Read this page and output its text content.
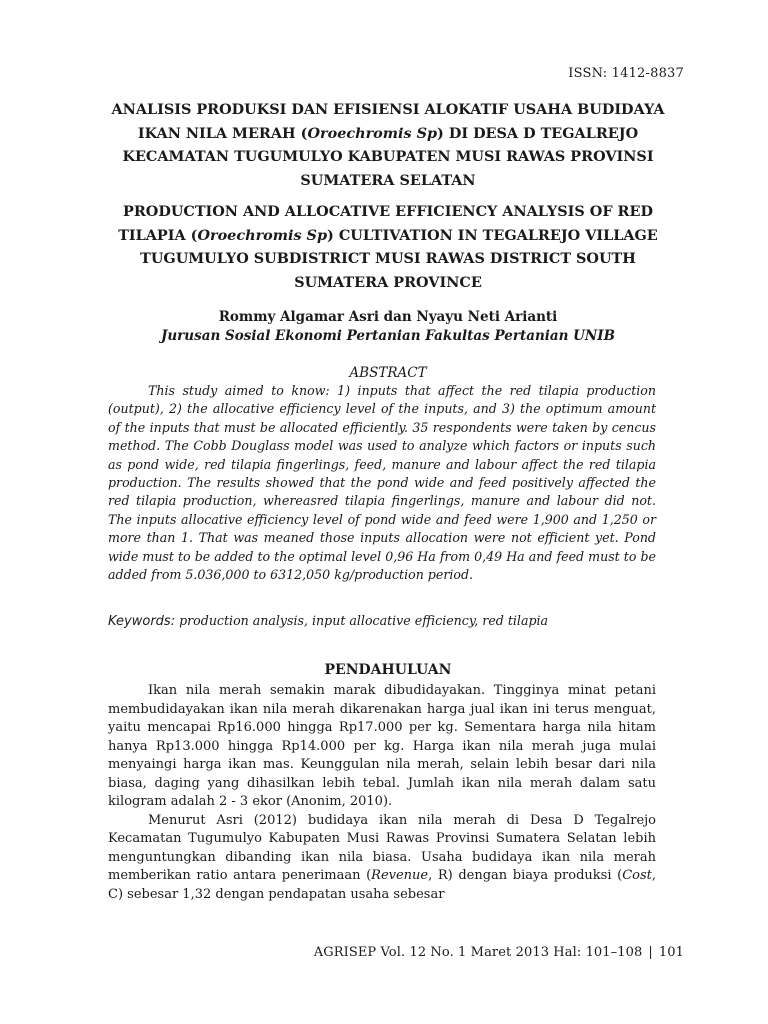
ISSN: 1412-8837
ANALISIS PRODUKSI DAN EFISIENSI ALOKATIF USAHA BUDIDAYA IKAN NILA MERAH (Oroechromis Sp) DI DESA D TEGALREJO KECAMATAN TUGUMULYO KABUPATEN MUSI RAWAS PROVINSI SUMATERA SELATAN
PRODUCTION AND ALLOCATIVE EFFICIENCY ANALYSIS OF RED TILAPIA (Oroechromis Sp) CULTIVATION IN TEGALREJO VILLAGE TUGUMULYO SUBDISTRICT MUSI RAWAS DISTRICT SOUTH SUMATERA PROVINCE
Rommy Algamar Asri dan Nyayu Neti Arianti
Jurusan Sosial Ekonomi Pertanian Fakultas Pertanian UNIB
ABSTRACT
This study aimed to know: 1) inputs that affect the red tilapia production (output), 2) the allocative efficiency level of the inputs, and 3) the optimum amount of the inputs that must be allocated efficiently. 35 respondents were taken by cencus method. The Cobb Douglass model was used to analyze which factors or inputs such as pond wide, red tilapia fingerlings, feed, manure and labour affect the red tilapia production. The results showed that the pond wide and feed positively affected the red tilapia production, whereasred tilapia fingerlings, manure and labour did not. The inputs allocative efficiency level of pond wide and feed were 1,900 and 1,250 or more than 1. That was meaned those inputs allocation were not efficient yet. Pond wide must to be added to the optimal level 0,96 Ha from 0,49 Ha and feed must to be added from 5.036,000 to 6312,050 kg/production period.
Keywords: production analysis, input allocative efficiency, red tilapia
PENDAHULUAN

Ikan nila merah semakin marak dibudidayakan. Tingginya minat petani membudidayakan ikan nila merah dikarenakan harga jual ikan ini terus menguat, yaitu mencapai Rp16.000 hingga Rp17.000 per kg. Sementara harga nila hitam hanya Rp13.000 hingga Rp14.000 per kg. Harga ikan nila merah juga mulai menyaingi harga ikan mas. Keunggulan nila merah, selain lebih besar dari nila biasa, daging yang dihasilkan lebih tebal. Jumlah ikan nila merah dalam satu kilogram adalah 2 - 3 ekor (Anonim, 2010).

Menurut Asri (2012) budidaya ikan nila merah di Desa D Tegalrejo Kecamatan Tugumulyo Kabupaten Musi Rawas Provinsi Sumatera Selatan lebih menguntungkan dibanding ikan nila biasa. Usaha budidaya ikan nila merah memberikan ratio antara penerimaan (Revenue, R) dengan biaya produksi (Cost, C) sebesar 1,32 dengan pendapatan usaha sebesar

AGRISEP Vol. 12 No. 1 Maret 2013 Hal: 101–108 | 101
